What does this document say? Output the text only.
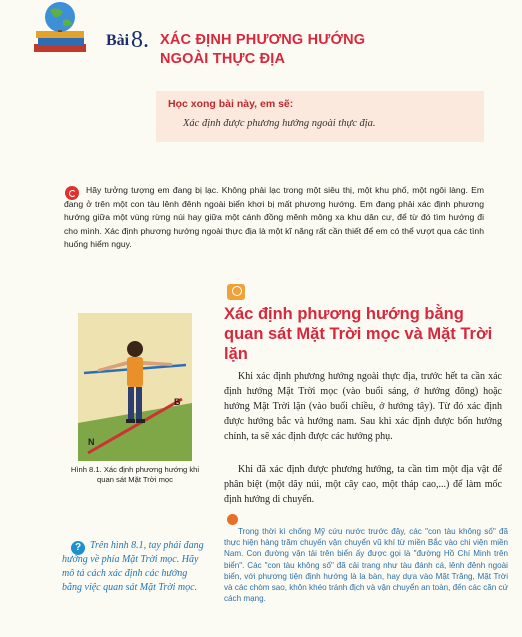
Bài 8. XÁC ĐỊNH PHƯƠNG HƯỚNG NGOÀI THỰC ĐỊA
Học xong bài này, em sẽ:
Xác định được phương hướng ngoài thực địa.
Hãy tưởng tượng em đang bị lạc. Không phải lạc trong một siêu thị, một khu phố, một ngôi làng. Em đang ở trên một con tàu lênh đênh ngoài biển khơi bị mất phương hướng. Em đang phải xác định phương hướng giữa một vùng rừng núi hay giữa một cánh đồng mênh mông xa khu dân cư, để từ đó tìm hướng đi cho mình. Xác định phương hướng ngoài thực địa là một kĩ năng rất cần thiết để em có thể vượt qua các tình huống hiểm nguy.
Xác định phương hướng bằng quan sát Mặt Trời mọc và Mặt Trời lặn
B
N
Hình 8.1. Xác định phương hướng khi quan sát Mặt Trời mọc
Khi xác định phương hướng ngoài thực địa, trước hết ta cần xác định hướng Mặt Trời mọc (vào buổi sáng, ở hướng đông) hoặc hướng Mặt Trời lặn (vào buổi chiều, ở hướng tây). Từ đó xác định được hướng bắc và hướng nam. Sau khi xác định được bốn hướng chính, ta sẽ xác định được các hướng phụ.
Khi đã xác định được phương hướng, ta cần tìm một địa vật để phân biệt (một dãy núi, một cây cao, một tháp cao,...) để làm mốc định hướng di chuyển.
Trong thời kì chống Mỹ cứu nước trước đây, các "con tàu không số" đã thực hiện hàng trăm chuyến vận chuyển vũ khí từ miền Bắc vào chi viện miền Nam. Con đường vận tải trên biển ấy được gọi là "đường Hồ Chí Minh trên biển". Các "con tàu không số" đã cải trang như tàu đánh cá, lênh đênh ngoài biển, với phương tiện định hướng là la bàn, hay dựa vào Mặt Trăng, Mặt Trời và các chòm sao, khôn khéo tránh địch và vận chuyển an toàn, đến các căn cứ cách mạng.
? Trên hình 8.1, tay phải đang hướng về phía Mặt Trời mọc. Hãy mô tả cách xác định các hướng bằng việc quan sát Mặt Trời mọc.
